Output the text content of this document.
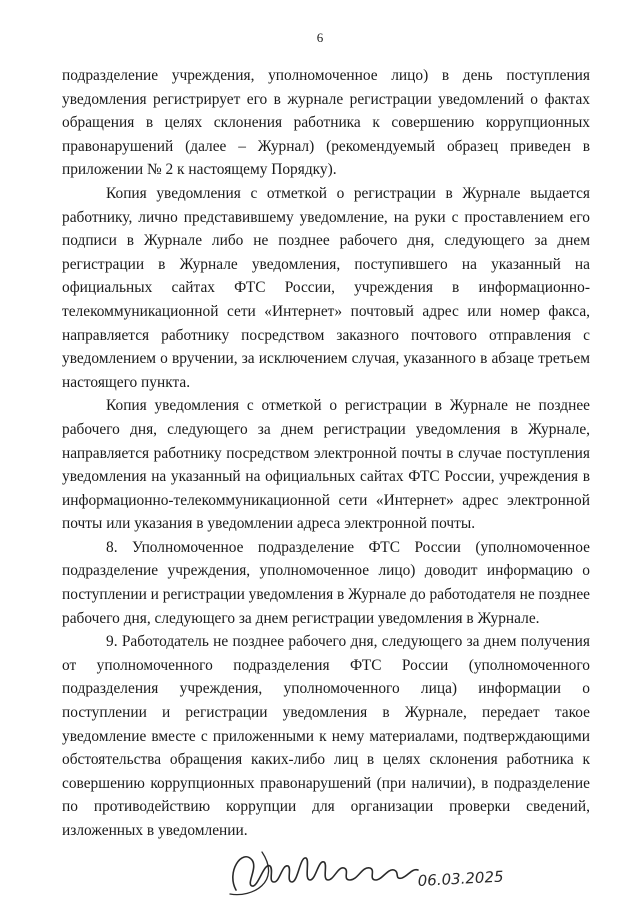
6

подразделение учреждения, уполномоченное лицо) в день поступления уведомления регистрирует его в журнале регистрации уведомлений о фактах обращения в целях склонения работника к совершению коррупционных правонарушений (далее – Журнал) (рекомендуемый образец приведен в приложении № 2 к настоящему Порядку).

Копия уведомления с отметкой о регистрации в Журнале выдается работнику, лично представившему уведомление, на руки с проставлением его подписи в Журнале либо не позднее рабочего дня, следующего за днем регистрации в Журнале уведомления, поступившего на указанный на официальных сайтах ФТС России, учреждения в информационно-телекоммуникационной сети «Интернет» почтовый адрес или номер факса, направляется работнику посредством заказного почтового отправления с уведомлением о вручении, за исключением случая, указанного в абзаце третьем настоящего пункта.

Копия уведомления с отметкой о регистрации в Журнале не позднее рабочего дня, следующего за днем регистрации уведомления в Журнале, направляется работнику посредством электронной почты в случае поступления уведомления на указанный на официальных сайтах ФТС России, учреждения в информационно-телекоммуникационной сети «Интернет» адрес электронной почты или указания в уведомлении адреса электронной почты.

8. Уполномоченное подразделение ФТС России (уполномоченное подразделение учреждения, уполномоченное лицо) доводит информацию о поступлении и регистрации уведомления в Журнале до работодателя не позднее рабочего дня, следующего за днем регистрации уведомления в Журнале.

9. Работодатель не позднее рабочего дня, следующего за днем получения от уполномоченного подразделения ФТС России (уполномоченного подразделения учреждения, уполномоченного лица) информации о поступлении и регистрации уведомления в Журнале, передает такое уведомление вместе с приложенными к нему материалами, подтверждающими обстоятельства обращения каких-либо лиц в целях склонения работника к совершению коррупционных правонарушений (при наличии), в подразделение по противодействию коррупции для организации проверки сведений, изложенных в уведомлении.

06.03.2025
